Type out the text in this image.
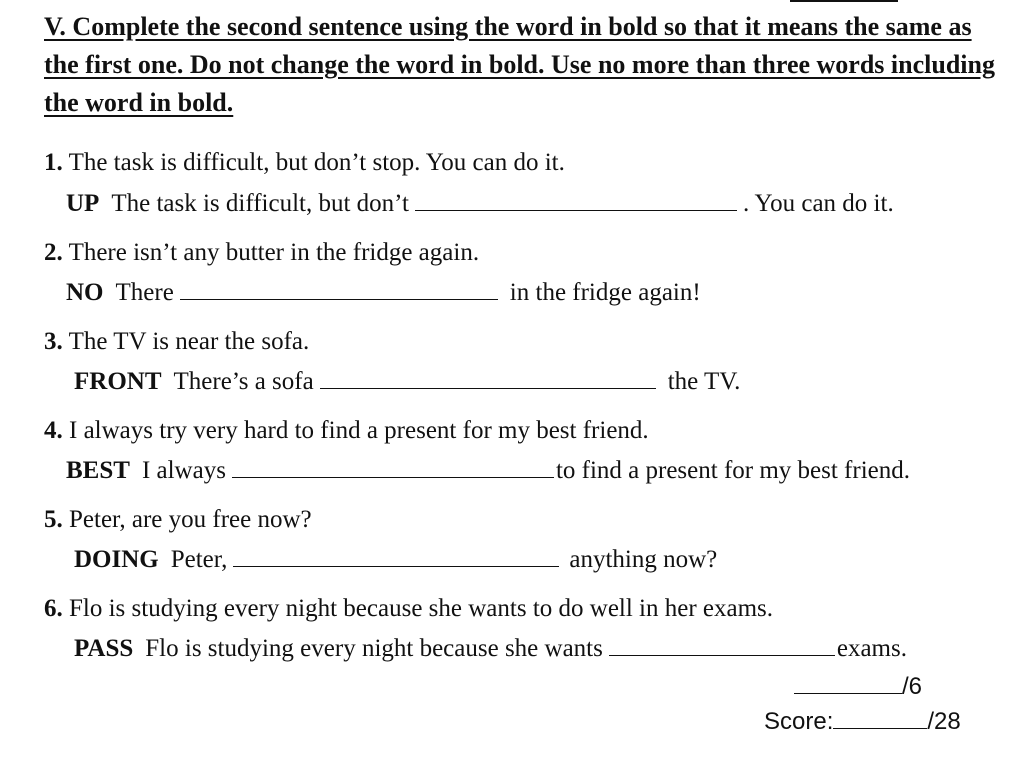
V. Complete the second sentence using the word in bold so that it means the same as the first one. Do not change the word in bold. Use no more than three words including the word in bold.
1. The task is difficult, but don’t stop. You can do it.
UP The task is difficult, but don’t	. You can do it.
2. There isn’t any butter in the fridge again.
NO There	in the fridge again!
3. The TV is near the sofa.
FRONT There’s a sofa	the TV.
4. I always try very hard to find a present for my best friend.
BEST I always	to find a present for my best friend.
5. Peter, are you free now?
DOING Peter,	anything now?
6. Flo is studying every night because she wants to do well in her exams.
PASS Flo is studying every night because she wants	exams.
/6
Score:	/28
